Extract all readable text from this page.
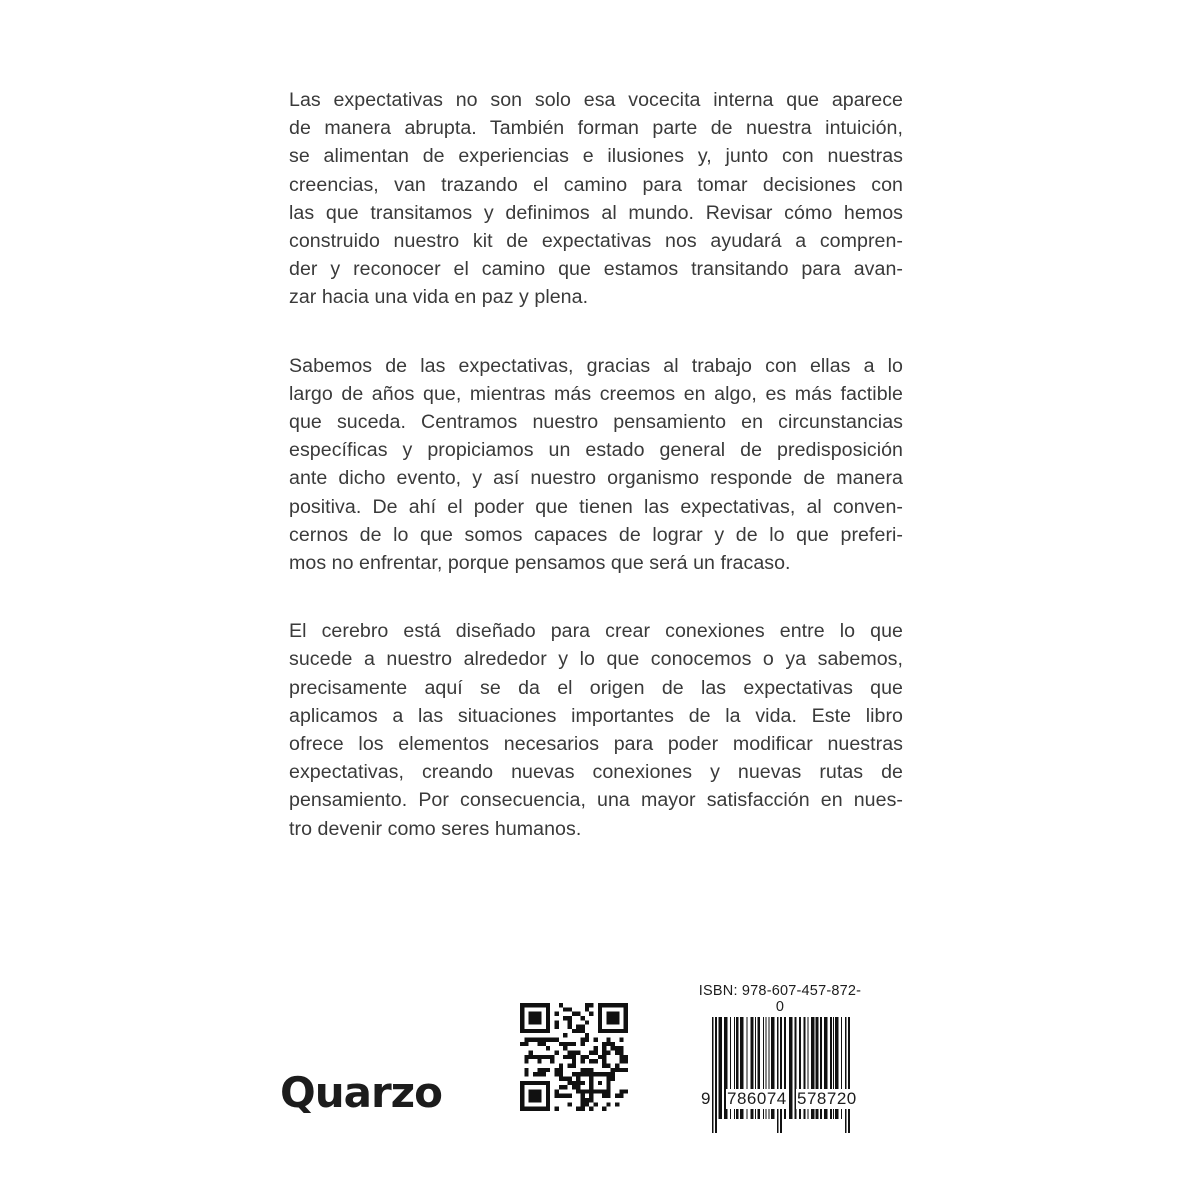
Las expectativas no son solo esa vocecita interna que aparece
de manera abrupta. También forman parte de nuestra intuición,
se alimentan de experiencias e ilusiones y, junto con nuestras
creencias, van trazando el camino para tomar decisiones con
las que transitamos y definimos al mundo. Revisar cómo hemos
construido nuestro kit de expectativas nos ayudará a compren-
der y reconocer el camino que estamos transitando para avan-
zar hacia una vida en paz y plena.
Sabemos de las expectativas, gracias al trabajo con ellas a lo
largo de años que, mientras más creemos en algo, es más factible
que suceda. Centramos nuestro pensamiento en circunstancias
específicas y propiciamos un estado general de predisposición
ante dicho evento, y así nuestro organismo responde de manera
positiva. De ahí el poder que tienen las expectativas, al conven-
cernos de lo que somos capaces de lograr y de lo que preferi-
mos no enfrentar, porque pensamos que será un fracaso.
El cerebro está diseñado para crear conexiones entre lo que
sucede a nuestro alrededor y lo que conocemos o ya sabemos,
precisamente aquí se da el origen de las expectativas que
aplicamos a las situaciones importantes de la vida. Este libro
ofrece los elementos necesarios para poder modificar nuestras
expectativas, creando nuevas conexiones y nuevas rutas de
pensamiento. Por consecuencia, una mayor satisfacción en nues-
tro devenir como seres humanos.
Quarzo
ISBN: 978-607-457-872-0
9 786074 578720
